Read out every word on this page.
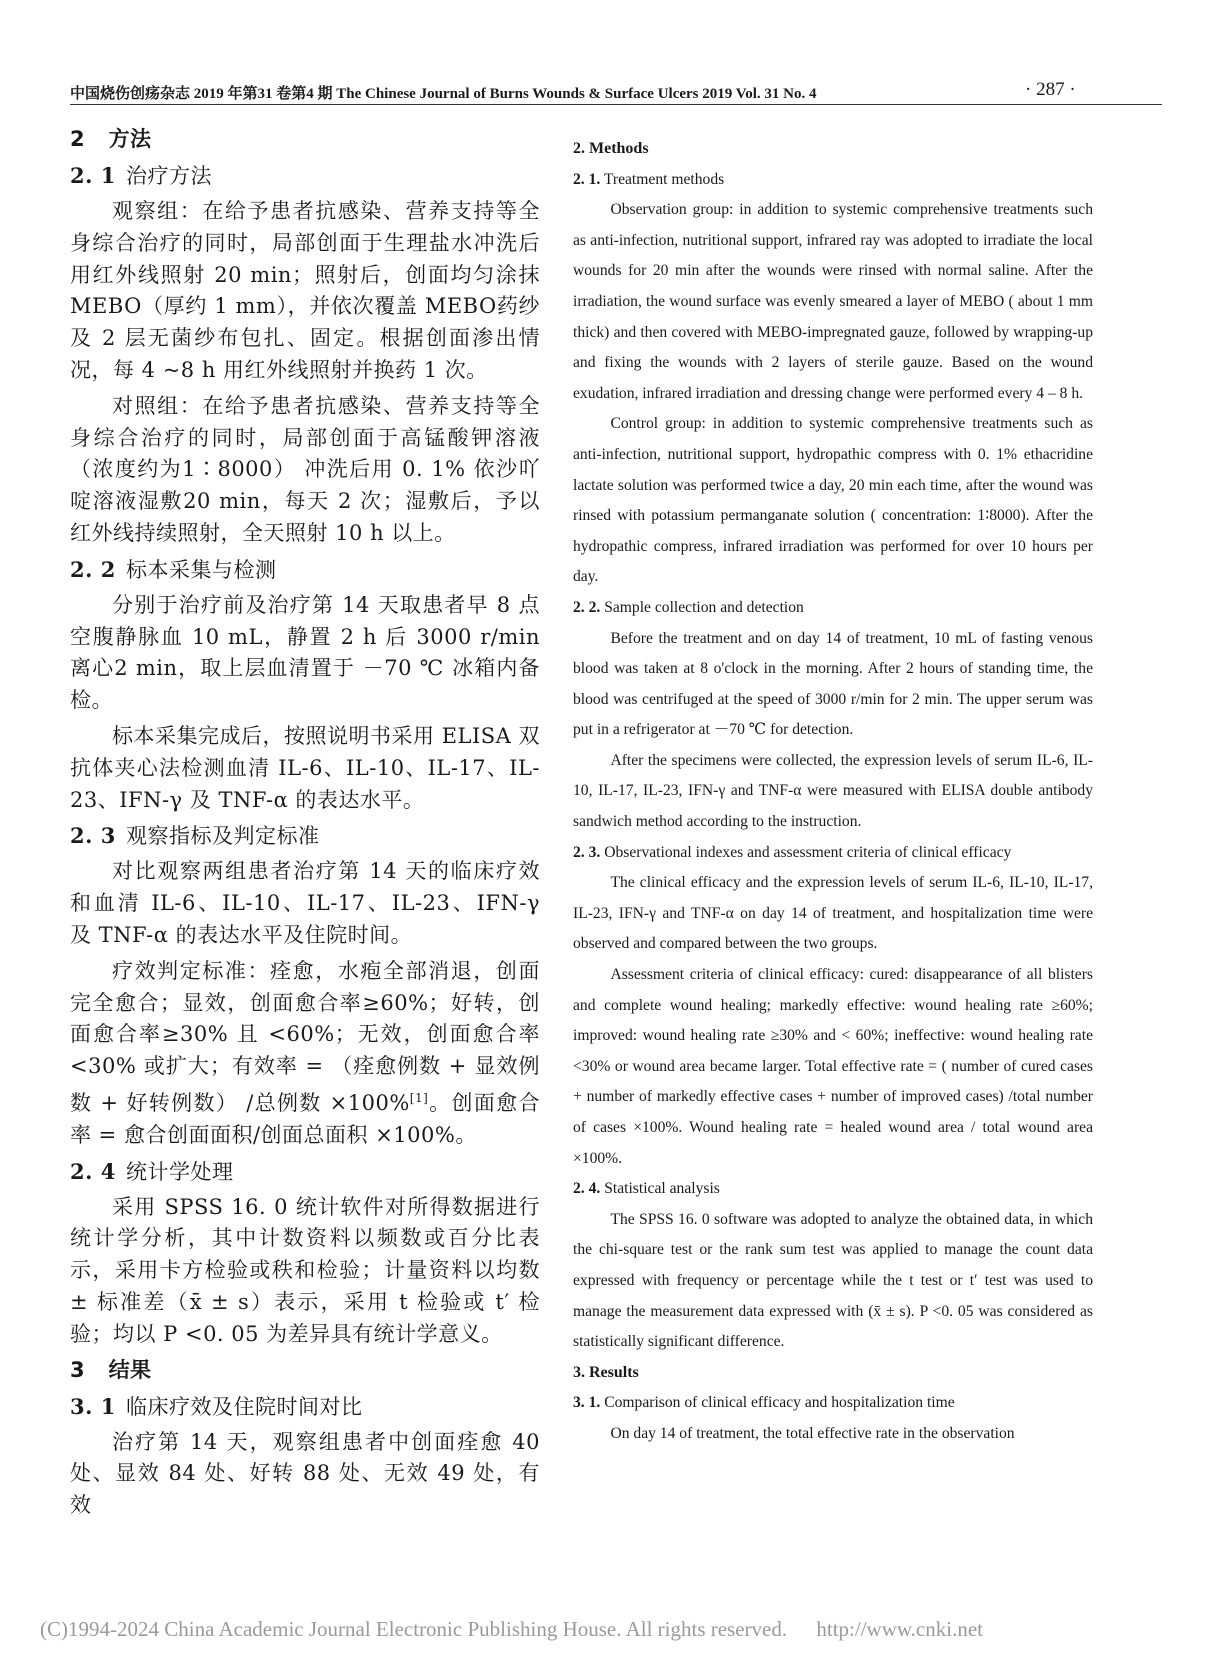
中国烧伤创疡杂志 2019 年第31 卷第4 期 The Chinese Journal of Burns Wounds & Surface Ulcers 2019 Vol. 31 No. 4	· 287 ·

2 方法

2. 1 治疗方法

观察组：在给予患者抗感染、营养支持等全身综合治疗的同时，局部创面于生理盐水冲洗后用红外线照射 20 min；照射后，创面均匀涂抹 MEBO（厚约 1 mm），并依次覆盖 MEBO药纱及 2 层无菌纱布包扎、固定。根据创面渗出情况，每 4 ~8 h 用红外线照射并换药 1 次。

对照组：在给予患者抗感染、营养支持等全身综合治疗的同时，局部创面于高锰酸钾溶液（浓度约为1∶8000） 冲洗后用 0. 1% 依沙吖啶溶液湿敷20 min，每天 2 次；湿敷后，予以红外线持续照射，全天照射 10 h 以上。

2. 2 标本采集与检测

分别于治疗前及治疗第 14 天取患者早 8 点空腹静脉血 10 mL，静置 2 h 后 3000 r/min 离心2 min，取上层血清置于 －70 ℃ 冰箱内备检。

标本采集完成后，按照说明书采用 ELISA 双抗体夹心法检测血清 IL-6、IL-10、IL-17、IL-23、IFN-γ 及 TNF-α 的表达水平。

2. 3 观察指标及判定标准

对比观察两组患者治疗第 14 天的临床疗效和血清 IL-6、IL-10、IL-17、IL-23、IFN-γ 及 TNF-α 的表达水平及住院时间。

疗效判定标准：痊愈，水疱全部消退，创面完全愈合；显效，创面愈合率≥60%；好转，创面愈合率≥30% 且 <60%；无效，创面愈合率 <30% 或扩大；有效率 = （痊愈例数 + 显效例数 + 好转例数） /总例数 ×100%[1]。创面愈合率 = 愈合创面面积/创面总面积 ×100%。

2. 4 统计学处理

采用 SPSS 16. 0 统计软件对所得数据进行统计学分析，其中计数资料以频数或百分比表示，采用卡方检验或秩和检验；计量资料以均数 ± 标准差（x̄ ± s）表示，采用 t 检验或 t′ 检验；均以 P <0. 05 为差异具有统计学意义。

3 结果

3. 1 临床疗效及住院时间对比

治疗第 14 天，观察组患者中创面痊愈 40 处、显效 84 处、好转 88 处、无效 49 处，有效

2. Methods

2. 1. Treatment methods

Observation group: in addition to systemic comprehensive treatments such as anti-infection, nutritional support, infrared ray was adopted to irradiate the local wounds for 20 min after the wounds were rinsed with normal saline. After the irradiation, the wound surface was evenly smeared a layer of MEBO ( about 1 mm thick) and then covered with MEBO-impregnated gauze, followed by wrapping-up and fixing the wounds with 2 layers of sterile gauze. Based on the wound exudation, infrared irradiation and dressing change were performed every 4 – 8 h.

Control group: in addition to systemic comprehensive treatments such as anti-infection, nutritional support, hydropathic compress with 0. 1% ethacridine lactate solution was performed twice a day, 20 min each time, after the wound was rinsed with potassium permanganate solution ( concentration: 1∶8000). After the hydropathic compress, infrared irradiation was performed for over 10 hours per day.

2. 2. Sample collection and detection

Before the treatment and on day 14 of treatment, 10 mL of fasting venous blood was taken at 8 o'clock in the morning. After 2 hours of standing time, the blood was centrifuged at the speed of 3000 r/min for 2 min. The upper serum was put in a refrigerator at －70 ℃ for detection.

After the specimens were collected, the expression levels of serum IL-6, IL-10, IL-17, IL-23, IFN-γ and TNF-α were measured with ELISA double antibody sandwich method according to the instruction.

2. 3. Observational indexes and assessment criteria of clinical efficacy

The clinical efficacy and the expression levels of serum IL-6, IL-10, IL-17, IL-23, IFN-γ and TNF-α on day 14 of treatment, and hospitalization time were observed and compared between the two groups.

Assessment criteria of clinical efficacy: cured: disappearance of all blisters and complete wound healing; markedly effective: wound healing rate ≥60%; improved: wound healing rate ≥30% and < 60%; ineffective: wound healing rate <30% or wound area became larger. Total effective rate = ( number of cured cases + number of markedly effective cases + number of improved cases) /total number of cases ×100%. Wound healing rate = healed wound area / total wound area ×100%.

2. 4. Statistical analysis

The SPSS 16. 0 software was adopted to analyze the obtained data, in which the chi-square test or the rank sum test was applied to manage the count data expressed with frequency or percentage while the t test or t′ test was used to manage the measurement data expressed with (x̄ ± s). P <0. 05 was considered as statistically significant difference.

3. Results

3. 1. Comparison of clinical efficacy and hospitalization time

On day 14 of treatment, the total effective rate in the observation

(C)1994-2024 China Academic Journal Electronic Publishing House. All rights reserved. http://www.cnki.net
